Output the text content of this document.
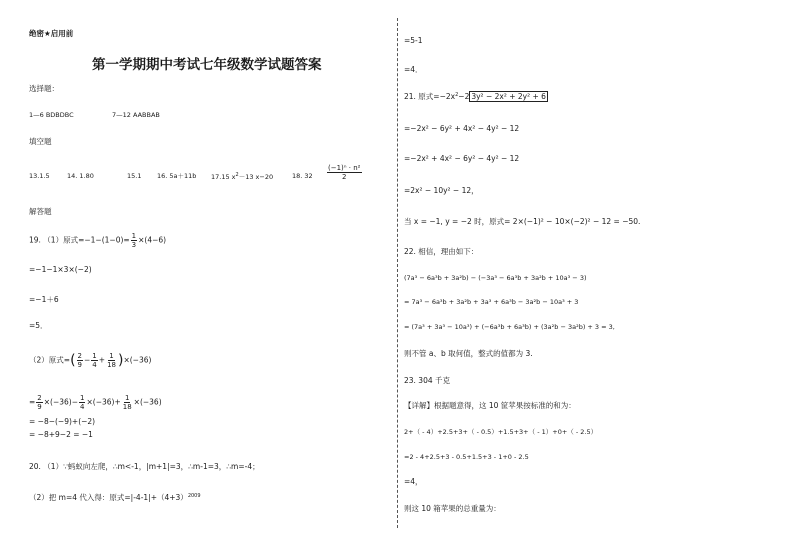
绝密★启用前
第一学期期中考试七年级数学试题答案
选择题：
1—6 BDBDBC	7—12 AABBAB
填空题
13.1.5	14. 1.80	15.1 16. 5a＋11b 17.15 $x^2-13$ x−20	18. $32 \frac{\text{(−1)ⁿ · n²}}{2}$
解答题
19. （1）原式$=-1-(1-0)= \frac{1}{3} \times(4-6)$
=−1−1×3×(−2)
=−1＋6
=5．
（2）原式=( $\frac{2}{9} - \frac{1}{4} + \frac{1}{18} )\times(-36)$
= $\frac{2}{9} \times(-36)- \frac{1}{4} \times(-36)+ \frac{1}{18} \times(-36)$
= −8−(−9)+(−2)
= −8+9−2 = −1
20. （1）∵蚂蚁向左爬，∴m<-1，|m+1|=3，∴m-1=3，∴m=-4；
（2）把 m=4 代入得：原式$=|-4-1|+(4+3)^{2009}$
=5-1
=4．
21. 原式$=-2x^2-2$ 3y² − 2x² + 2y² + 6
=−2x² − 6y² + 4x² − 4y² − 12
=−2x² + 4x² − 6y² − 4y² − 12
=2x² − 10y² − 12，
当 x = −1, y = −2 时，原式= 2×(−1)² − 10×(−2)² − 12 = −50.
22. 相信，理由如下：
(7a³ − 6a³b + 3a²b) − (−3a³ − 6a³b + 3a²b + 10a³ − 3)
= 7a³ − 6a³b + 3a²b + 3a³ + 6a³b − 3a²b − 10a³ + 3
= (7a³ + 3a³ − 10a³) + (−6a³b + 6a³b) + (3a²b − 3a²b) + 3 = 3,
则不管 a、b 取何值，整式的值都为 3.
23. 304 千克
【详解】根据题意得，这 10 筐苹果按标准的和为：
2+（ - 4）+2.5+3+（ - 0.5）+1.5+3+（ - 1）+0+（ - 2.5）
=2 - 4+2.5+3 - 0.5+1.5+3 - 1+0 - 2.5
=4，
则这 10 箱苹果的总重量为：
